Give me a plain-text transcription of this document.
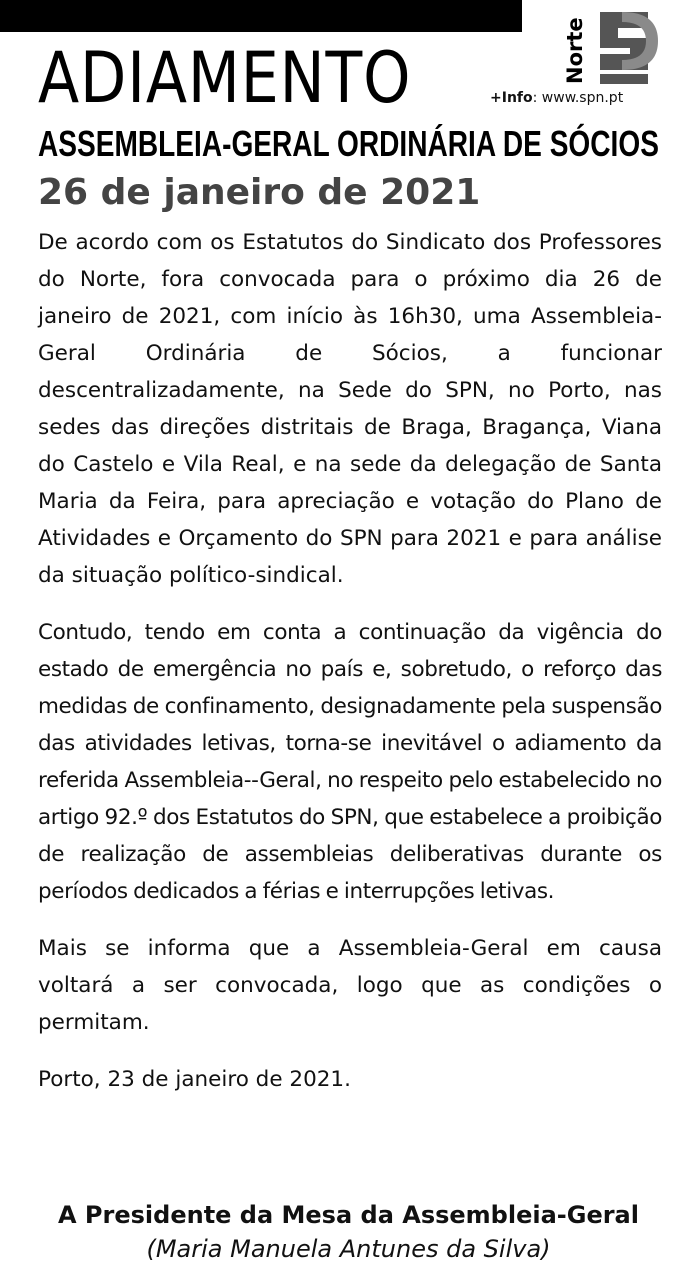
Norte
ADIAMENTO	+Info: www.spn.pt
ASSEMBLEIA-GERAL ORDINÁRIA DE SÓCIOS
26 de janeiro de 2021

De acordo com os Estatutos do Sindicato dos Professores do Norte, fora convocada para o próximo dia 26 de janeiro de 2021, com início às 16h30, uma Assembleia-Geral Ordinária de Sócios, a funcionar descentralizadamente, na Sede do SPN, no Porto, nas sedes das direções distritais de Braga, Bragança, Viana do Castelo e Vila Real, e na sede da delegação de Santa Maria da Feira, para apreciação e votação do Plano de Atividades e Orçamento do SPN para 2021 e para análise da situação político-sindical.

Contudo, tendo em conta a continuação da vigência do estado de emergência no país e, sobretudo, o reforço das medidas de confinamento, designadamente pela suspensão das atividades letivas, torna-se inevitável o adiamento da referida Assembleia--Geral, no respeito pelo estabelecido no artigo 92.º dos Estatutos do SPN, que estabelece a proibição de realização de assembleias deliberativas durante os períodos dedicados a férias e interrupções letivas.

Mais se informa que a Assembleia-Geral em causa voltará a ser convocada, logo que as condições o permitam.

Porto, 23 de janeiro de 2021.

A Presidente da Mesa da Assembleia-Geral
(Maria Manuela Antunes da Silva)
